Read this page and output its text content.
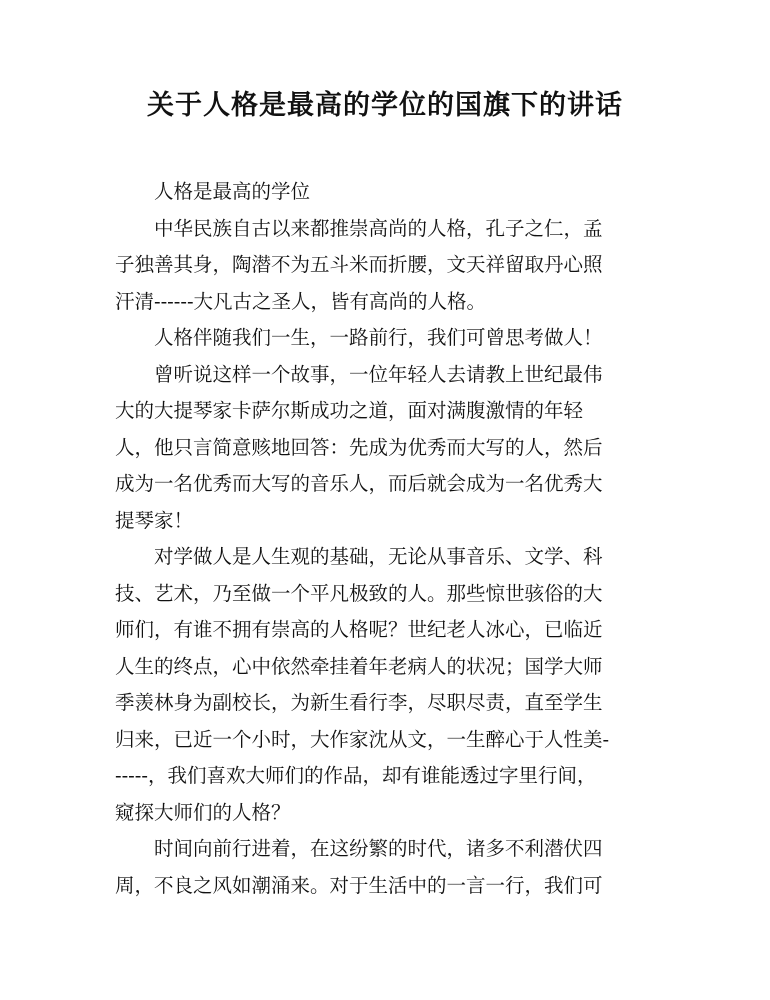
关于人格是最高的学位的国旗下的讲话

人格是最高的学位

中华民族自古以来都推崇高尚的人格，孔子之仁，孟
子独善其身，陶潜不为五斗米而折腰，文天祥留取丹心照
汗清------大凡古之圣人，皆有高尚的人格。

人格伴随我们一生，一路前行，我们可曾思考做人！

曾听说这样一个故事，一位年轻人去请教上世纪最伟
大的大提琴家卡萨尔斯成功之道，面对满腹激情的年轻
人，他只言简意赅地回答：先成为优秀而大写的人，然后
成为一名优秀而大写的音乐人，而后就会成为一名优秀大
提琴家！

对学做人是人生观的基础，无论从事音乐、文学、科
技、艺术，乃至做一个平凡极致的人。那些惊世骇俗的大
师们，有谁不拥有崇高的人格呢？世纪老人冰心，已临近
人生的终点，心中依然牵挂着年老病人的状况；国学大师
季羡林身为副校长，为新生看行李，尽职尽责，直至学生
归来，已近一个小时，大作家沈从文，一生醉心于人性美-
-----，我们喜欢大师们的作品，却有谁能透过字里行间，
窥探大师们的人格？

时间向前行进着，在这纷繁的时代，诸多不利潜伏四
周，不良之风如潮涌来。对于生活中的一言一行，我们可
